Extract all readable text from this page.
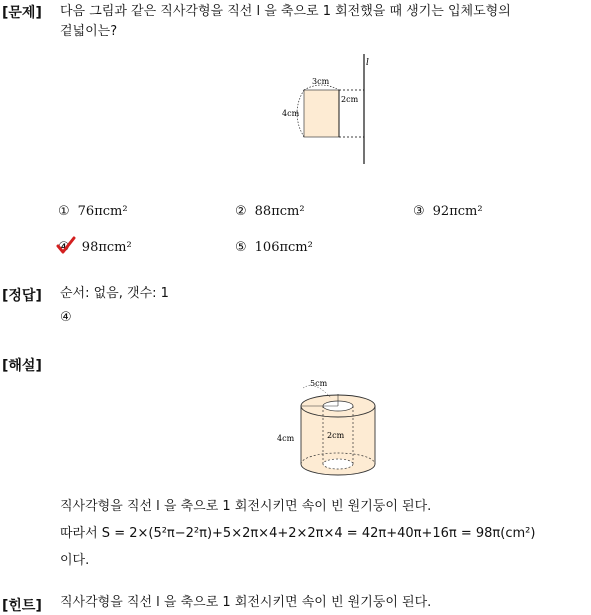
[문제] 다음 그림과 같은 직사각형을 직선 l 을 축으로 1 회전했을 때 생기는 입체도형의
겉넓이는?
l
3cm
4cm
2cm
① 76πcm²	② 88πcm²	③ 92πcm²
④ 98πcm²	⑤ 106πcm²
[정답] 순서: 없음, 갯수: 1
④
[해설]
5cm
4cm	2cm
직사각형을 직선 l 을 축으로 1 회전시키면 속이 빈 원기둥이 된다.
따라서 S = 2×(5²π−2²π)+5×2π×4+2×2π×4 = 42π+40π+16π = 98π(cm²)
이다.
[힌트] 직사각형을 직선 l 을 축으로 1 회전시키면 속이 빈 원기둥이 된다.
